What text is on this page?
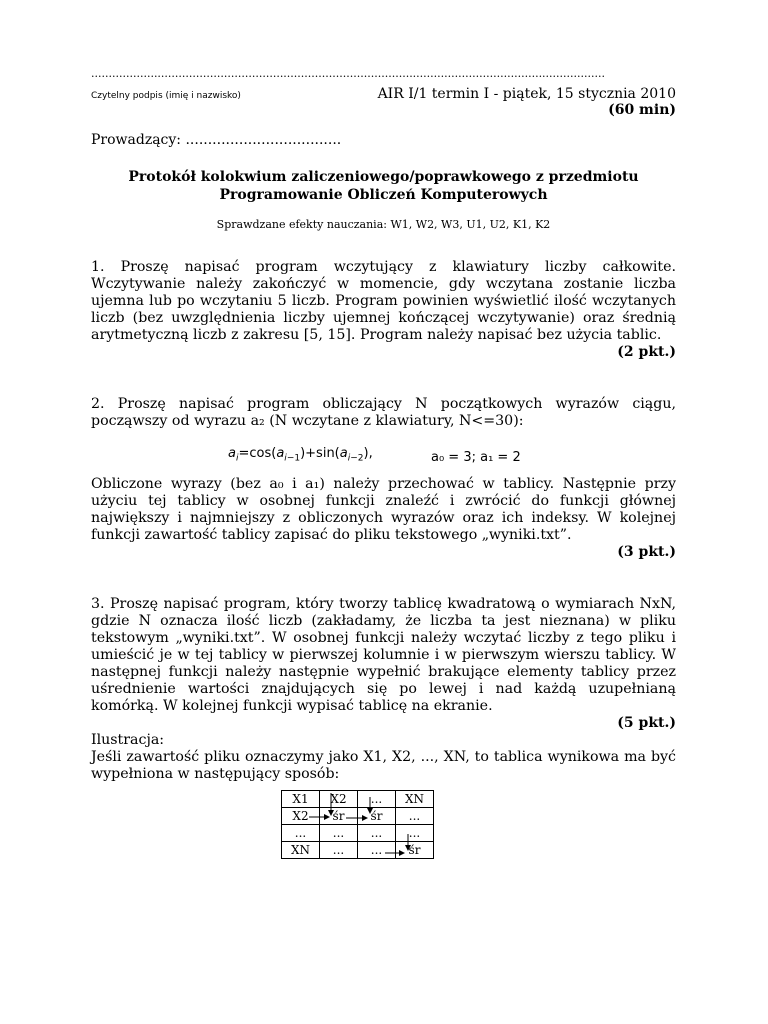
...................................................................................................................................................
Czytelny podpis (imię i nazwisko)	AIR I/1 termin I - piątek, 15 stycznia 2010
(60 min)
Prowadzący: ...................................
Protokół kolokwium zaliczeniowego/poprawkowego z przedmiotu
Programowanie Obliczeń Komputerowych
Sprawdzane efekty nauczania: W1, W2, W3, U1, U2, K1, K2
1. Proszę napisać program wczytujący z klawiatury liczby całkowite. Wczytywanie należy zakończyć w momencie, gdy wczytana zostanie liczba ujemna lub po wczytaniu 5 liczb. Program powinien wyświetlić ilość wczytanych liczb (bez uwzględnienia liczby ujemnej kończącej wczytywanie) oraz średnią arytmetyczną liczb z zakresu [5, 15]. Program należy napisać bez użycia tablic.
(2 pkt.)
2. Proszę napisać program obliczający N początkowych wyrazów ciągu, począwszy od wyrazu a₂ (N wczytane z klawiatury, N<=30):
$a_i=\cos(a_{i-1})+\sin(a_{i-2})$,	a₀ = 3; a₁ = 2
Obliczone wyrazy (bez a₀ i a₁) należy przechować w tablicy. Następnie przy użyciu tej tablicy w osobnej funkcji znaleźć i zwrócić do funkcji głównej największy i najmniejszy z obliczonych wyrazów oraz ich indeksy. W kolejnej funkcji zawartość tablicy zapisać do pliku tekstowego „wyniki.txt”.
(3 pkt.)
3. Proszę napisać program, który tworzy tablicę kwadratową o wymiarach NxN, gdzie N oznacza ilość liczb (zakładamy, że liczba ta jest nieznana) w pliku tekstowym „wyniki.txt”. W osobnej funkcji należy wczytać liczby z tego pliku i umieścić je w tej tablicy w pierwszej kolumnie i w pierwszym wierszu tablicy. W następnej funkcji należy następnie wypełnić brakujące elementy tablicy przez uśrednienie wartości znajdujących się po lewej i nad każdą uzupełnianą komórką. W kolejnej funkcji wypisać tablicę na ekranie.
(5 pkt.)
Ilustracja:
Jeśli zawartość pliku oznaczymy jako X1, X2, ..., XN, to tablica wynikowa ma być wypełniona w następujący sposób:
X1	X2	...	XN
X2	śr	śr	...
...	...	...	...
XN	...	...	śr
